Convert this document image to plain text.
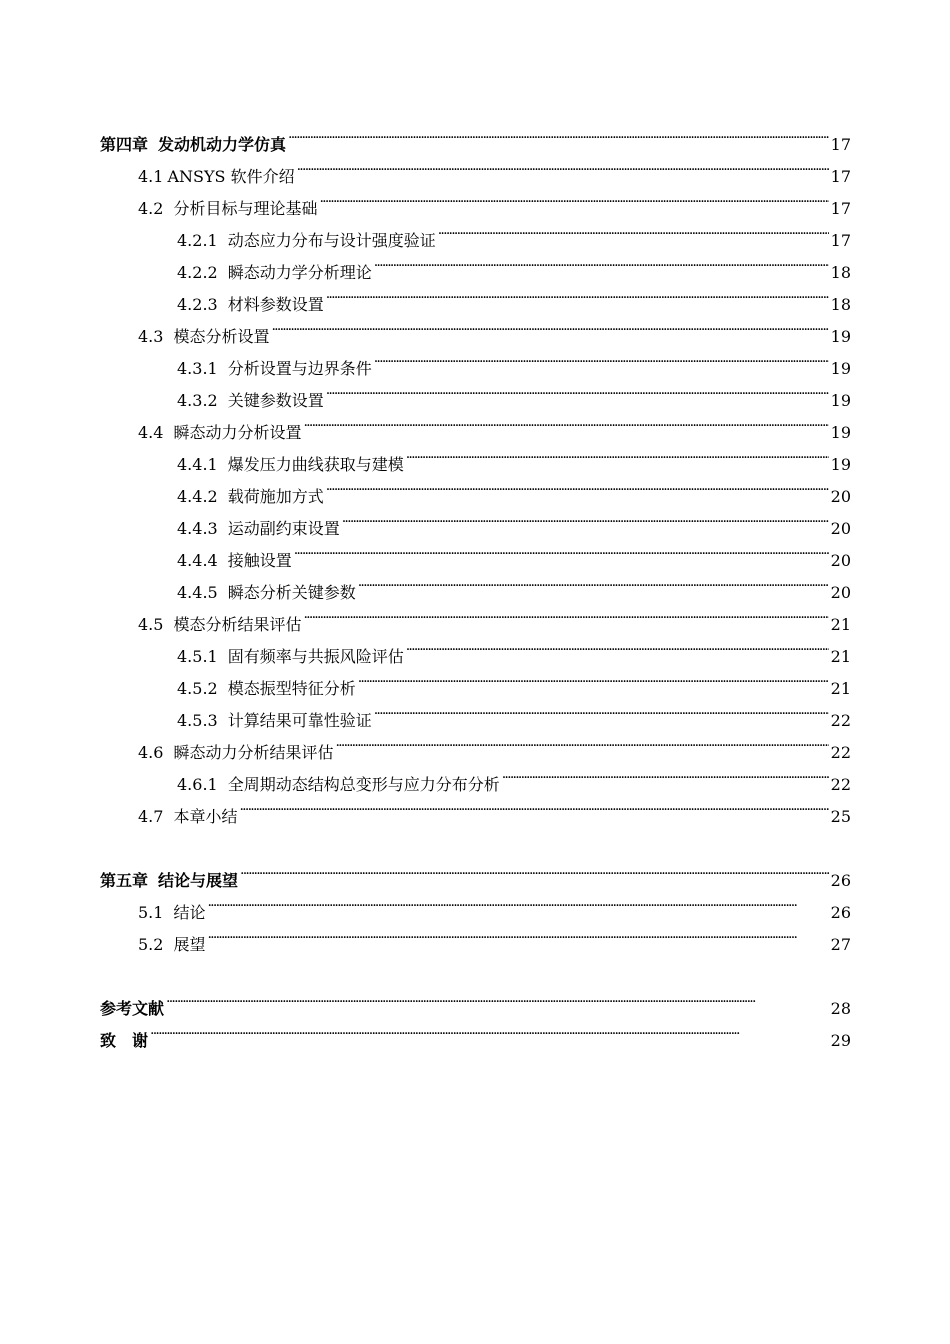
第四章 发动机动力学仿真 . . .	17
4.1 ANSYS 软件介绍 . . .	17
4.2 分析目标与理论基础 . . .	17
4.2.1 动态应力分布与设计强度验证 . . .	17
4.2.2 瞬态动力学分析理论 . . .	18
4.2.3 材料参数设置 . . .	18
4.3 模态分析设置 . . .	19
4.3.1 分析设置与边界条件 . . .	19
4.3.2 关键参数设置 . . .	19
4.4 瞬态动力分析设置 . . .	19
4.4.1 爆发压力曲线获取与建模 . . .	19
4.4.2 载荷施加方式 . . .	20
4.4.3 运动副约束设置 . . .	20
4.4.4 接触设置 . . .	20
4.4.5 瞬态分析关键参数 . . .	20
4.5 模态分析结果评估 . . .	21
4.5.1 固有频率与共振风险评估 . . .	21
4.5.2 模态振型特征分析 . . .	21
4.5.3 计算结果可靠性验证 . . .	22
4.6 瞬态动力分析结果评估 . . .	22
4.6.1 全周期动态结构总变形与应力分布分析 . . .	22
4.7 本章小结 . . .	25
第五章 结论与展望 . . .	26
5.1 结论 . . .	26
5.2 展望 . . .	27
参考文献 . . .	28
致　谢 . . .	29
